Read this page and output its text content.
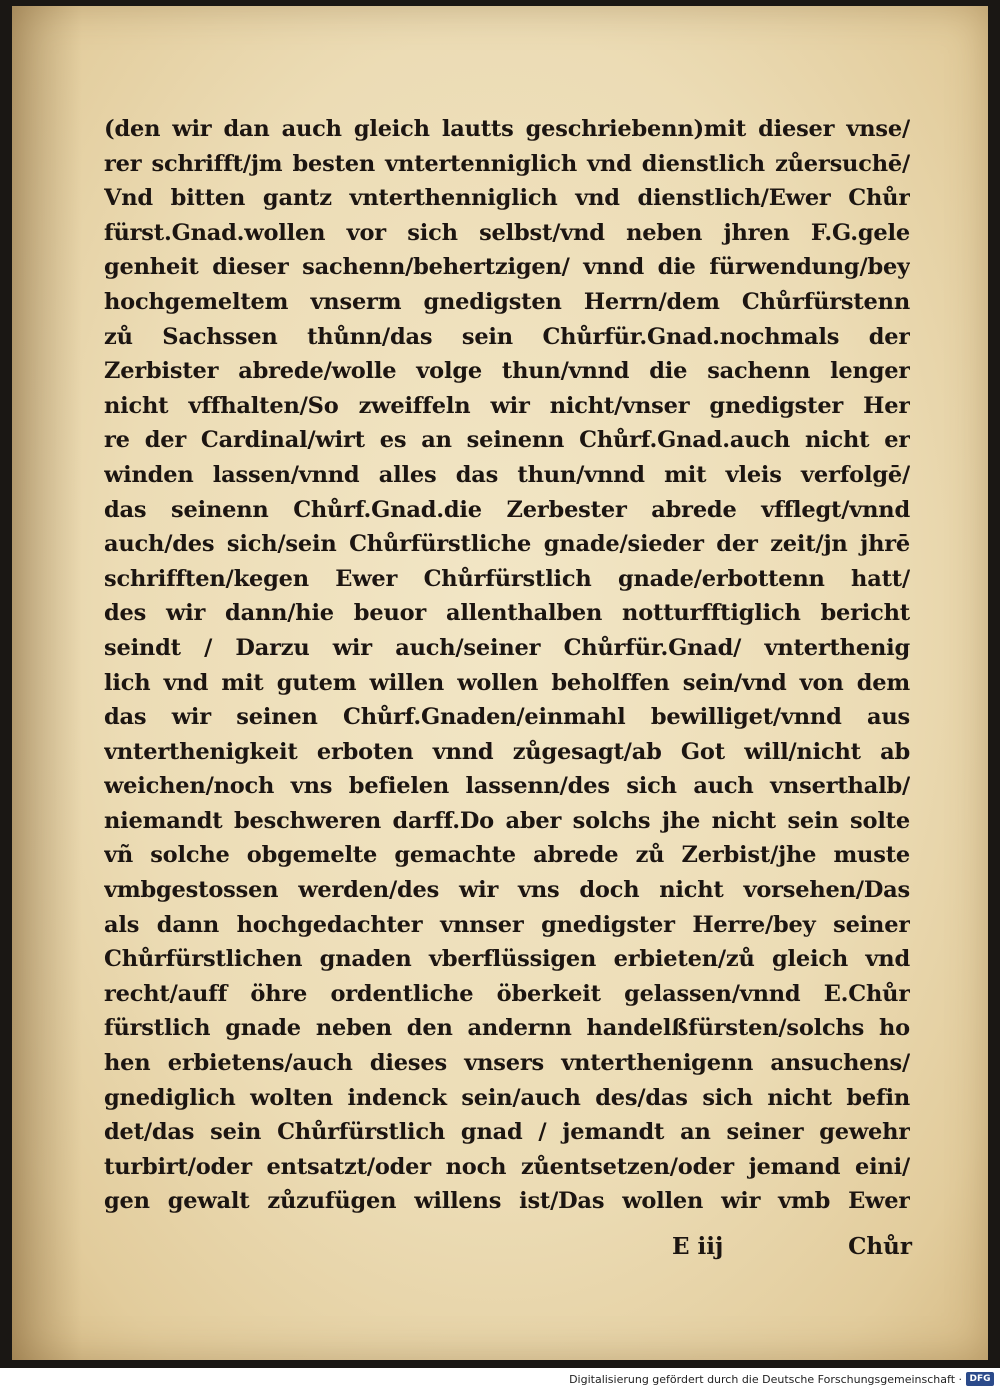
(den wir dan auch gleich lautts geschriebenn)mit dieser vnse/
rer schrifft/jm besten vntertenniglich vnd dienstlich zůersuchē/
Vnd bitten gantz vnterthenniglich vnd dienstlich/Ewer Chůr
fürst.Gnad.wollen vor sich selbst/vnd neben jhren F.G.gele
genheit dieser sachenn/behertzigen/ vnnd die fürwendung/bey
hochgemeltem vnserm gnedigsten Herrn/dem Chůrfürstenn
zů Sachssen thůnn/das sein Chůrfür.Gnad.nochmals der
Zerbister abrede/wolle volge thun/vnnd die sachenn lenger
nicht vffhalten/So zweiffeln wir nicht/vnser gnedigster Her
re der Cardinal/wirt es an seinenn Chůrf.Gnad.auch nicht er
winden lassen/vnnd alles das thun/vnnd mit vleis verfolgē/
das seinenn Chůrf.Gnad.die Zerbester abrede vfflegt/vnnd
auch/des sich/sein Chůrfürstliche gnade/sieder der zeit/jn jhrē
schrifften/kegen Ewer Chůrfürstlich gnade/erbottenn hatt/
des wir dann/hie beuor allenthalben notturfftiglich bericht
seindt / Darzu wir auch/seiner Chůrfür.Gnad/ vnterthenig
lich vnd mit gutem willen wollen beholffen sein/vnd von dem
das wir seinen Chůrf.Gnaden/einmahl bewilliget/vnnd aus
vnterthenigkeit erboten vnnd zůgesagt/ab Got will/nicht ab
weichen/noch vns befielen lassenn/des sich auch vnserthalb/
niemandt beschweren darff.Do aber solchs jhe nicht sein solte
vñ solche obgemelte gemachte abrede zů Zerbist/jhe muste
vmbgestossen werden/des wir vns doch nicht vorsehen/Das
als dann hochgedachter vnnser gnedigster Herre/bey seiner
Chůrfürstlichen gnaden vberflüssigen erbieten/zů gleich vnd
recht/auff öhre ordentliche öberkeit gelassen/vnnd E.Chůr
fürstlich gnade neben den andernn handelßfürsten/solchs ho
hen erbietens/auch dieses vnsers vnterthenigenn ansuchens/
gnediglich wolten indenck sein/auch des/das sich nicht befin
det/das sein Chůrfürstlich gnad / jemandt an seiner gewehr
turbirt/oder entsatzt/oder noch zůentsetzen/oder jemand eini/
gen gewalt zůzufügen willens ist/Das wollen wir vmb Ewer
E iij	Chůr
Digitalisierung gefördert durch die Deutsche Forschungsgemeinschaft · DFG
